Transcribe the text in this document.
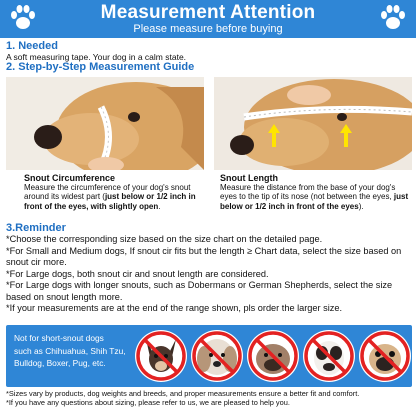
Measurement Attention
Please measure before buying
1. Needed
A soft measuring tape. Your dog in a calm state.
2. Step-by-Step Measurement Guide
Snout Circumference
Measure the circumference of your dog's snout around its widest part (just below or 1/2 inch in front of the eyes, with slightly open.
Snout Length
Measure the distance from the base of your dog's eyes to the tip of its nose (not between the eyes, just below or 1/2 inch in front of the eyes).
3.Reminder
*Choose the corresponding size based on the size chart on the detailed page.
*For Small and Medium dogs, If snout cir fits but the length ≥ Chart data, select the size based on snout cir more.
*For Large dogs, both snout cir and snout length are considered.
*For Large dogs with longer snouts, such as Dobermans or German Shepherds, select the size based on snout length more.
*If your measurements are at the end of the range shown, pls order the larger size.
Not for short-snout dogs
such as Chihuahua, Shih Tzu,
Bulldog, Boxer, Pug, etc.
*Sizes vary by products, dog weights and breeds, and proper measurements ensure a better fit and comfort.
*If you have any questions about sizing, please refer to us, we are pleased to help you.
